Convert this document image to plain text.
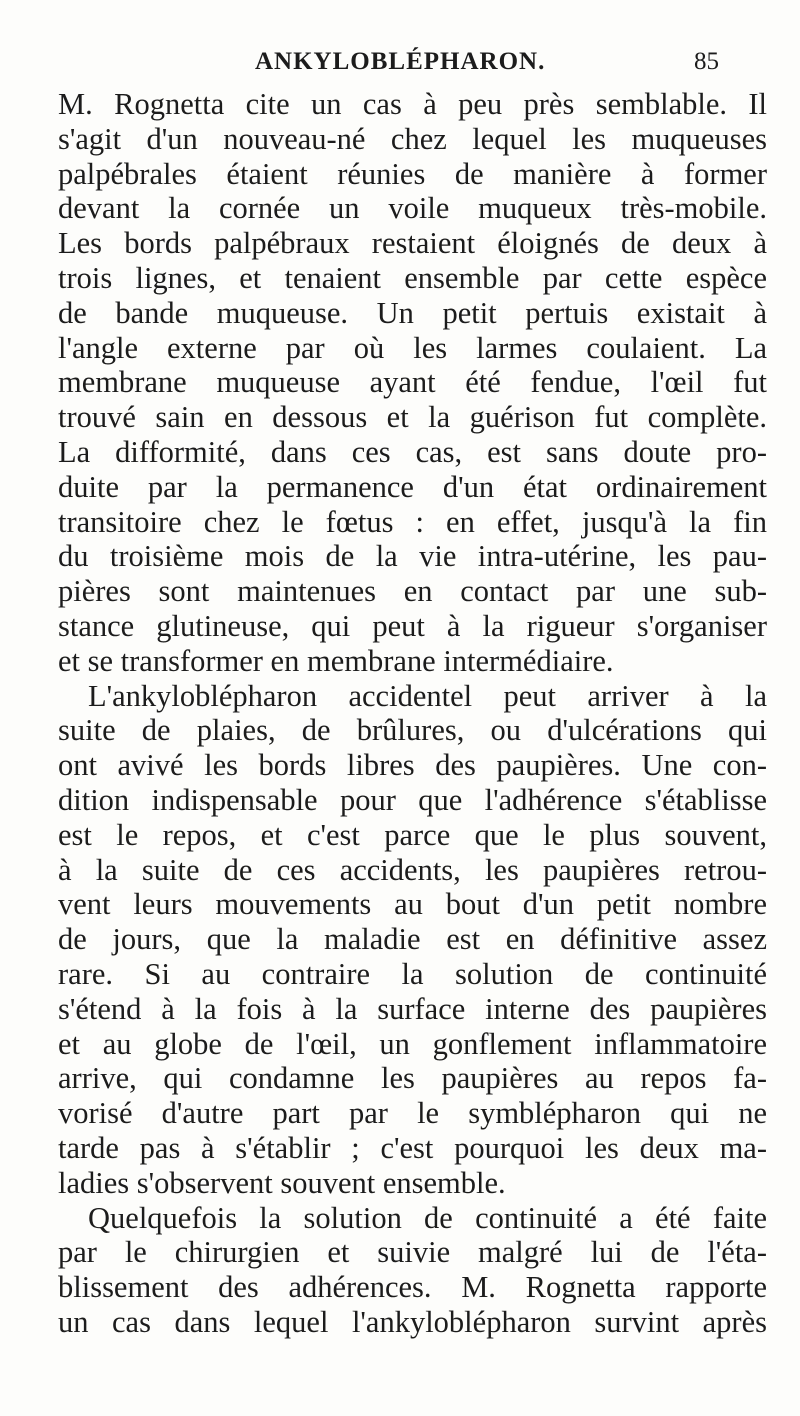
ANKYLOBLÉPHARON.	85
M. Rognetta cite un cas à peu près semblable. Il
s'agit d'un nouveau-né chez lequel les muqueuses
palpébrales étaient réunies de manière à former
devant la cornée un voile muqueux très-mobile.
Les bords palpébraux restaient éloignés de deux à
trois lignes, et tenaient ensemble par cette espèce
de bande muqueuse. Un petit pertuis existait à
l'angle externe par où les larmes coulaient. La
membrane muqueuse ayant été fendue, l'œil fut
trouvé sain en dessous et la guérison fut complète.
La difformité, dans ces cas, est sans doute pro-
duite par la permanence d'un état ordinairement
transitoire chez le fœtus : en effet, jusqu'à la fin
du troisième mois de la vie intra-utérine, les pau-
pières sont maintenues en contact par une sub-
stance glutineuse, qui peut à la rigueur s'organiser
et se transformer en membrane intermédiaire.
L'ankyloblépharon accidentel peut arriver à la
suite de plaies, de brûlures, ou d'ulcérations qui
ont avivé les bords libres des paupières. Une con-
dition indispensable pour que l'adhérence s'établisse
est le repos, et c'est parce que le plus souvent,
à la suite de ces accidents, les paupières retrou-
vent leurs mouvements au bout d'un petit nombre
de jours, que la maladie est en définitive assez
rare. Si au contraire la solution de continuité
s'étend à la fois à la surface interne des paupières
et au globe de l'œil, un gonflement inflammatoire
arrive, qui condamne les paupières au repos fa-
vorisé d'autre part par le symblépharon qui ne
tarde pas à s'établir ; c'est pourquoi les deux ma-
ladies s'observent souvent ensemble.
Quelquefois la solution de continuité a été faite
par le chirurgien et suivie malgré lui de l'éta-
blissement des adhérences. M. Rognetta rapporte
un cas dans lequel l'ankyloblépharon survint après
